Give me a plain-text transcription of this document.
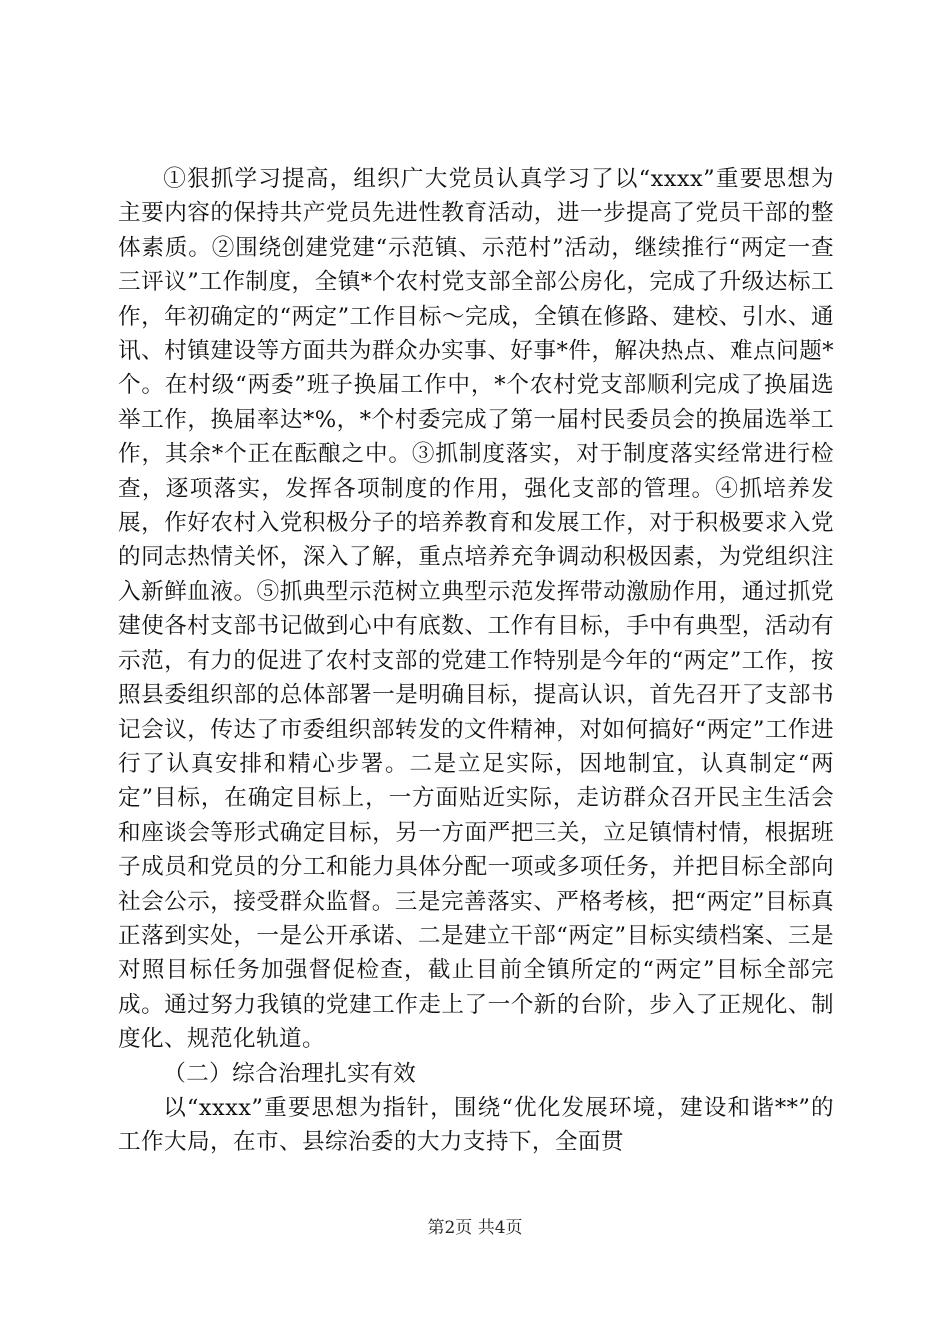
①狠抓学习提高，组织广大党员认真学习了以“xxxx”重要思想为主要内容的保持共产党员先进性教育活动，进一步提高了党员干部的整体素质。②围绕创建党建“示范镇、示范村”活动，继续推行“两定一查三评议”工作制度，全镇*个农村党支部全部公房化，完成了升级达标工作，年初确定的“两定”工作目标～完成，全镇在修路、建校、引水、通讯、村镇建设等方面共为群众办实事、好事*件，解决热点、难点问题*个。在村级“两委”班子换届工作中，*个农村党支部顺利完成了换届选举工作，换届率达*%，*个村委完成了第一届村民委员会的换届选举工作，其余*个正在酝酿之中。③抓制度落实，对于制度落实经常进行检查，逐项落实，发挥各项制度的作用，强化支部的管理。④抓培养发展，作好农村入党积极分子的培养教育和发展工作，对于积极要求入党的同志热情关怀，深入了解，重点培养充争调动积极因素，为党组织注入新鲜血液。⑤抓典型示范树立典型示范发挥带动激励作用，通过抓党建使各村支部书记做到心中有底数、工作有目标，手中有典型，活动有示范，有力的促进了农村支部的党建工作特别是今年的“两定”工作，按照县委组织部的总体部署一是明确目标，提高认识，首先召开了支部书记会议，传达了市委组织部转发的文件精神，对如何搞好“两定”工作进行了认真安排和精心步署。二是立足实际，因地制宜，认真制定“两定”目标，在确定目标上，一方面贴近实际，走访群众召开民主生活会和座谈会等形式确定目标，另一方面严把三关，立足镇情村情，根据班子成员和党员的分工和能力具体分配一项或多项任务，并把目标全部向社会公示，接受群众监督。三是完善落实、严格考核，把“两定”目标真正落到实处，一是公开承诺、二是建立干部“两定”目标实绩档案、三是对照目标任务加强督促检查，截止目前全镇所定的“两定”目标全部完成。通过努力我镇的党建工作走上了一个新的台阶，步入了正规化、制度化、规范化轨道。

（二）综合治理扎实有效

以“xxxx”重要思想为指针，围绕“优化发展环境，建设和谐**”的工作大局，在市、县综治委的大力支持下，全面贯

第2页 共4页
